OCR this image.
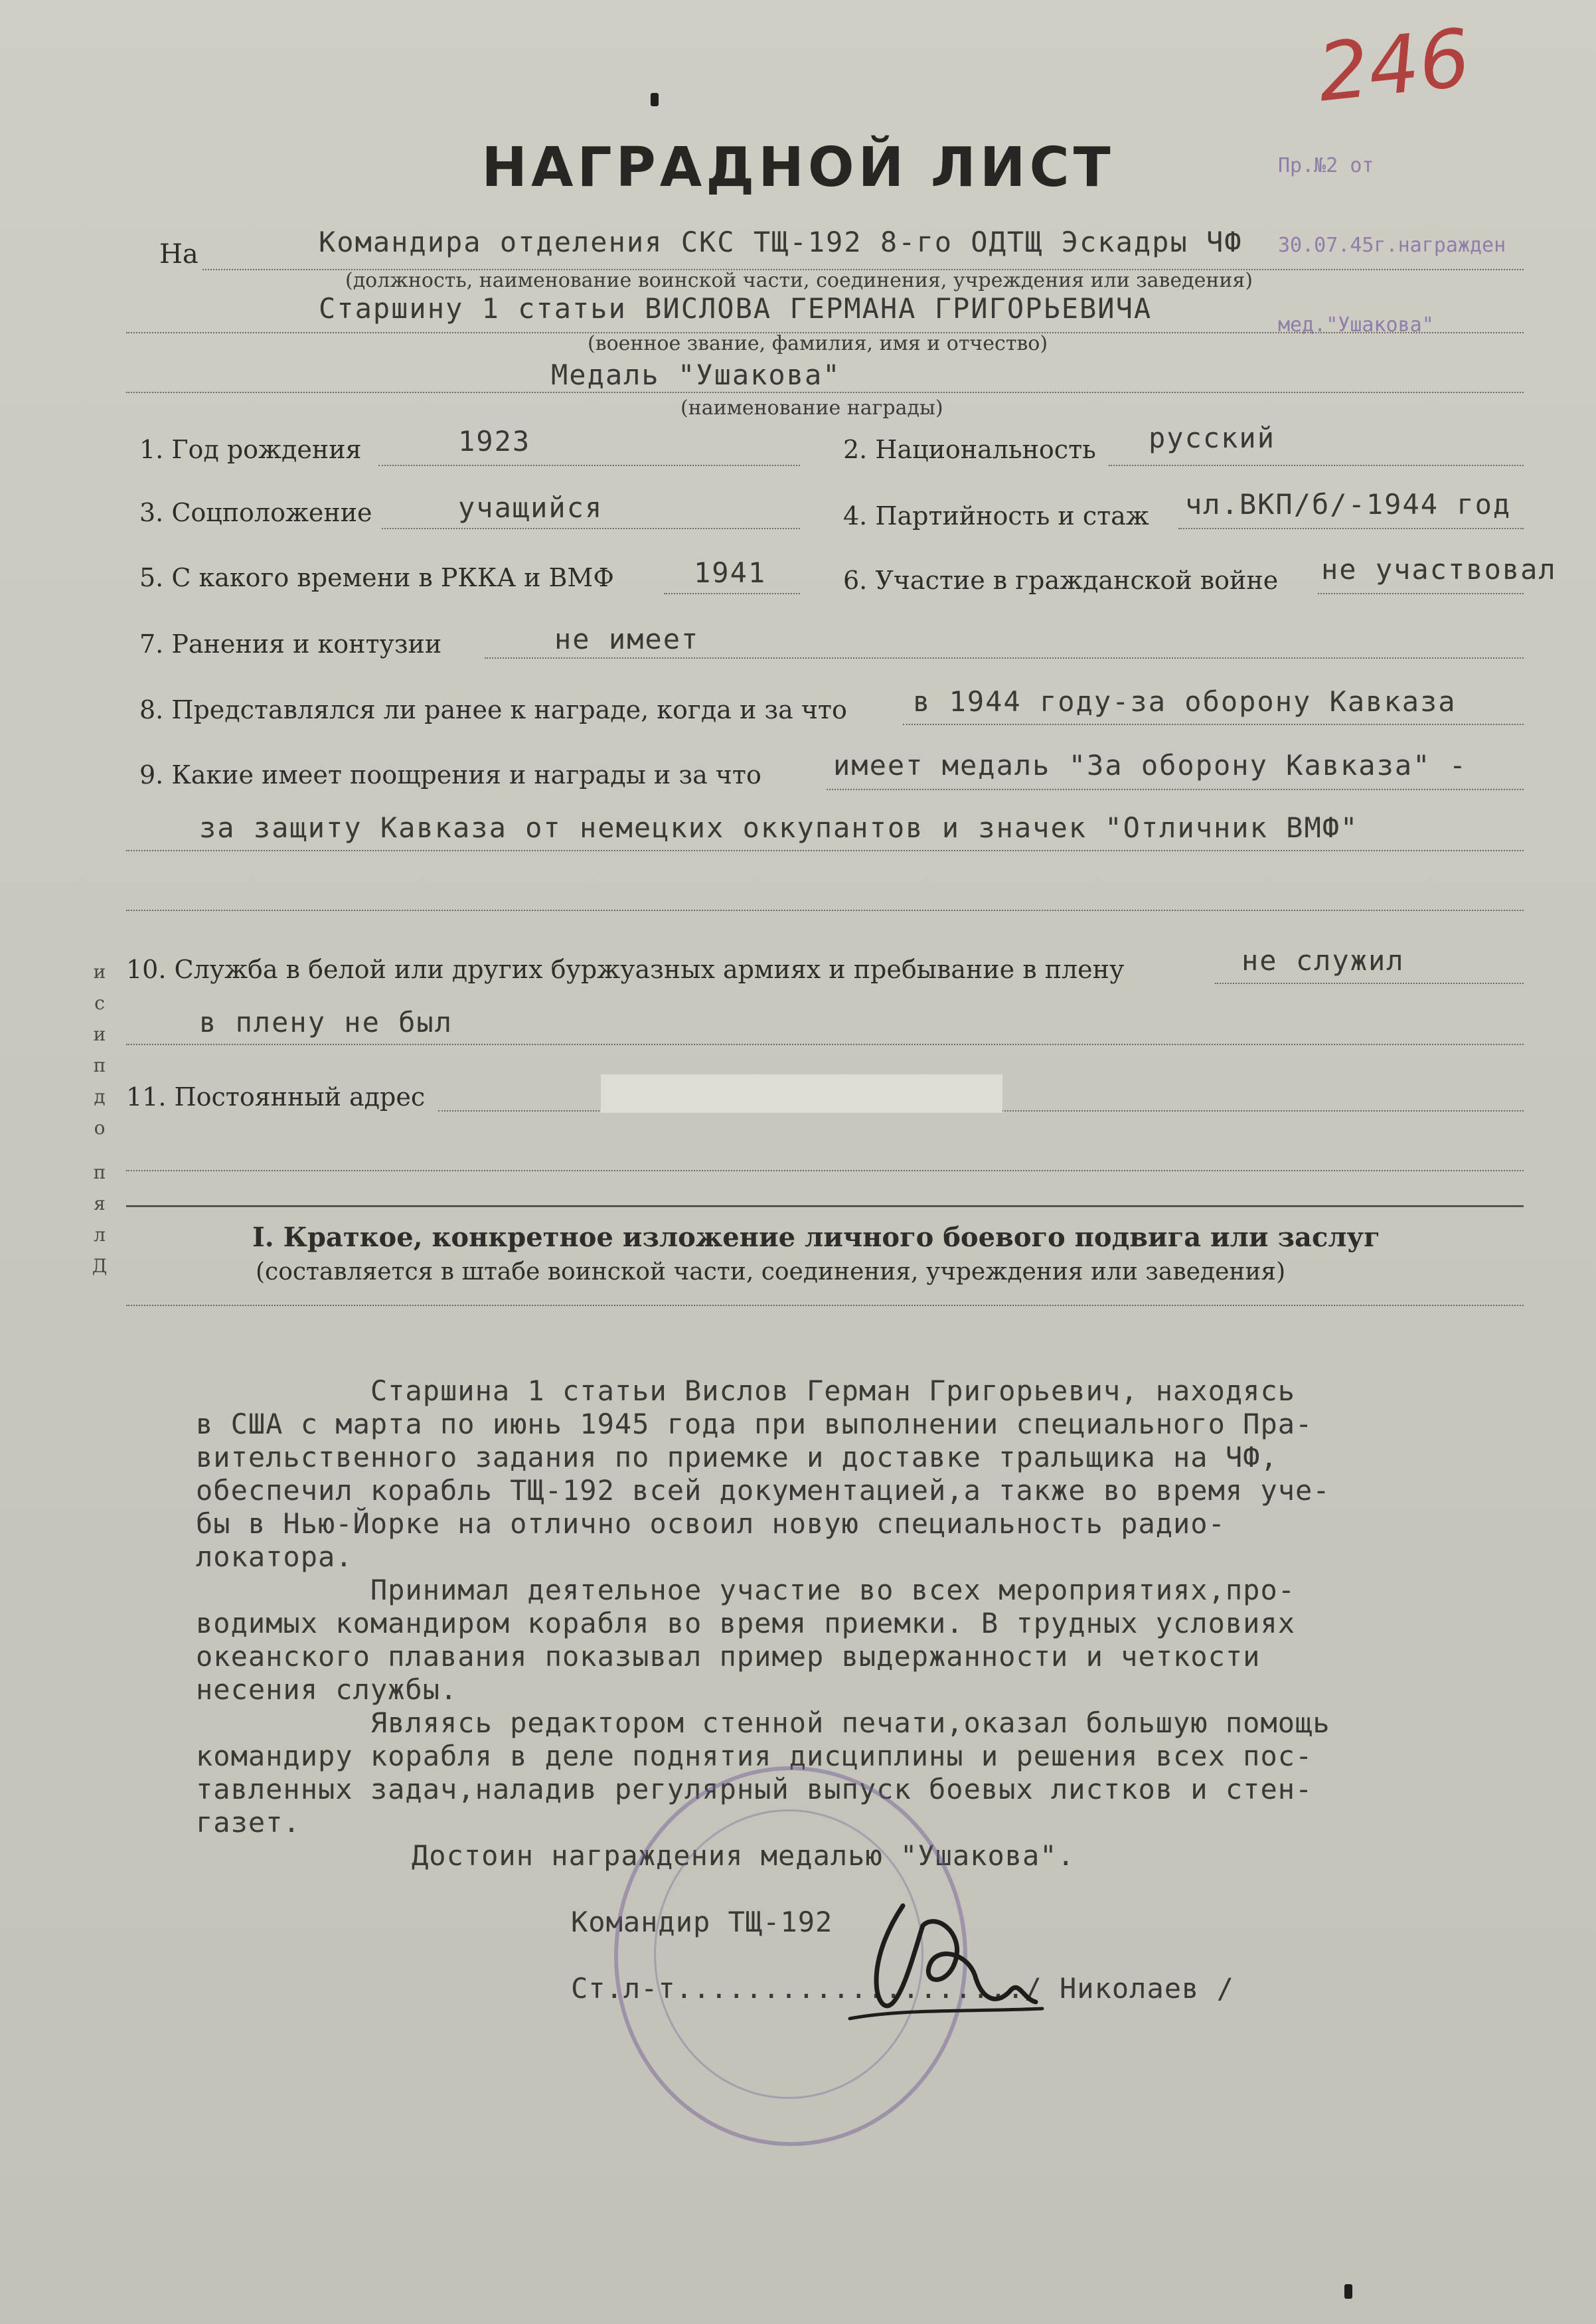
246

Пр.№2 от

30.07.45г.награжден

мед."Ушакова"

НАГРАДНОЙ ЛИСТ
На	Командира отделения СКС ТЩ-192 8-го ОДТЩ Эскадры ЧФ
(должность, наименование воинской части, соединения, учреждения или заведения)
Старшину 1 статьи ВИСЛОВА ГЕРМАНА ГРИГОРЬЕВИЧА
(военное звание, фамилия, имя и отчество)
Медаль "Ушакова"
(наименование награды)
1. Год рождения	1923	2. Национальность русский
3. Соцположение	учащийся	4. Партийность и стаж чл.ВКП/б/-1944 год
5. С какого времени в РККА и ВМФ	1941	6. Участие в гражданской войне не участвовал
7. Ранения и контузии	не имеет
8. Представлялся ли ранее к награде, когда и за что в 1944 году-за оборону Кавказа
9. Какие имеет поощрения и награды и за что	имеет медаль "За оборону Кавказа" -
за защиту Кавказа от немецких оккупантов и значек "Отличник ВМФ"
10. Служба в белой или других буржуазных армиях и пребывание в плену	не служил
в плену не был
11. Постоянный адрес
и
с
и
п
д
о
п
я
л
Д
I. Краткое, конкретное изложение личного боевого подвига или заслуг
(составляется в штабе воинской части, соединения, учреждения или заведения)
Старшина 1 статьи Вислов Герман Григорьевич, находясь
в США с марта по июнь 1945 года при выполнении специального Пра-
вительственного задания по приемке и доставке тральщика на ЧФ,
обеспечил корабль ТЩ-192 всей документацией,а также во время уче-
бы в Нью-Йорке на отлично освоил новую специальность радио-
локатора.
Принимал деятельное участие во всех мероприятиях,про-
водимых командиром корабля во время приемки. В трудных условиях
океанского плавания показывал пример выдержанности и четкости
несения службы.
Являясь редактором стенной печати,оказал большую помощь
командиру корабля в деле поднятия дисциплины и решения всех пос-
тавленных задач,наладив регулярный выпуск боевых листков и стен-
газет.
Достоин награждения медалью "Ушакова".
Командир ТЩ-192
Ст.л-т..................../ Николаев /
